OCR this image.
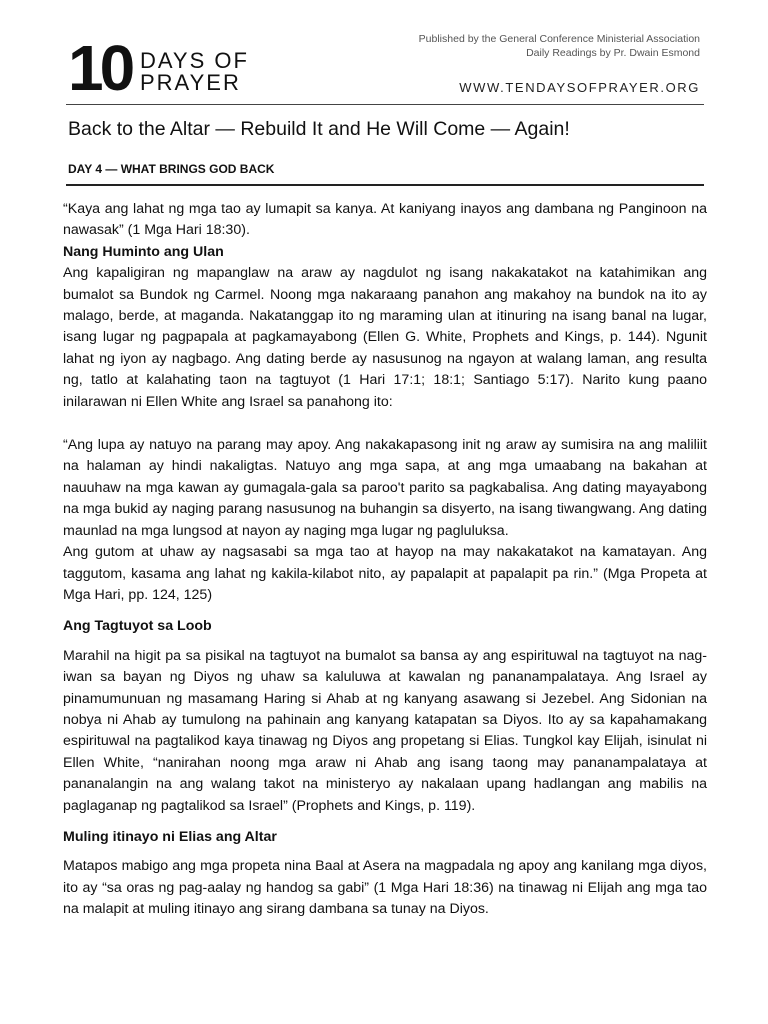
10 DAYS OF
PRAYER
Published by the General Conference Ministerial Association
Daily Readings by Pr. Dwain Esmond
WWW.TENDAYSOFPRAYER.ORG
Back to the Altar — Rebuild It and He Will Come — Again!
DAY 4 — WHAT BRINGS GOD BACK

“Kaya ang lahat ng mga tao ay lumapit sa kanya. At kaniyang inayos ang dambana ng Panginoon na nawasak” (1 Mga Hari 18:30).

Nang Huminto ang Ulan

Ang kapaligiran ng mapanglaw na araw ay nagdulot ng isang nakakatakot na katahimikan ang bumalot sa Bundok ng Carmel. Noong mga nakaraang panahon ang makahoy na bundok na ito ay malago, berde, at maganda. Nakatanggap ito ng maraming ulan at itinuring na isang banal na lugar, isang lugar ng pagpapala at pagkamayabong (Ellen G. White, Prophets and Kings, p. 144). Ngunit lahat ng iyon ay nagbago. Ang dating berde ay nasusunog na ngayon at walang laman, ang resulta ng, tatlo at kalahating taon na tagtuyot (1 Hari 17:1; 18:1; Santiago 5:17). Narito kung paano inilarawan ni Ellen White ang Israel sa panahong ito:

“Ang lupa ay natuyo na parang may apoy. Ang nakakapasong init ng araw ay sumisira na ang maliliit na halaman ay hindi nakaligtas. Natuyo ang mga sapa, at ang mga umaabang na bakahan at nauuhaw na mga kawan ay gumagala-gala sa paroo't parito sa pagkabalisa. Ang dating mayayabong na mga bukid ay naging parang nasusunog na buhangin sa disyerto, na isang tiwangwang. Ang dating maunlad na mga lungsod at nayon ay naging mga lugar ng pagluluksa.

Ang gutom at uhaw ay nagsasabi sa mga tao at hayop na may nakakatakot na kamatayan. Ang taggutom, kasama ang lahat ng kakila-kilabot nito, ay papalapit at papalapit pa rin.” (Mga Propeta at Mga Hari, pp. 124, 125)

Ang Tagtuyot sa Loob

Marahil na higit pa sa pisikal na tagtuyot na bumalot sa bansa ay ang espirituwal na tagtuyot na nag-iwan sa bayan ng Diyos ng uhaw sa kaluluwa at kawalan ng pananampalataya. Ang Israel ay pinamumunuan ng masamang Haring si Ahab at ng kanyang asawang si Jezebel. Ang Sidonian na nobya ni Ahab ay tumulong na pahinain ang kanyang katapatan sa Diyos. Ito ay sa kapahamakang espirituwal na pagtalikod kaya tinawag ng Diyos ang propetang si Elias. Tungkol kay Elijah, isinulat ni Ellen White, “nanirahan noong mga araw ni Ahab ang isang taong may pananampalataya at pananalangin na ang walang takot na ministeryo ay nakalaan upang hadlangan ang mabilis na paglaganap ng pagtalikod sa Israel” (Prophets and Kings, p. 119).

Muling itinayo ni Elias ang Altar

Matapos mabigo ang mga propeta nina Baal at Asera na magpadala ng apoy ang kanilang mga diyos, ito ay “sa oras ng pag-aalay ng handog sa gabi” (1 Mga Hari 18:36) na tinawag ni Elijah ang mga tao na malapit at muling itinayo ang sirang dambana sa tunay na Diyos.
